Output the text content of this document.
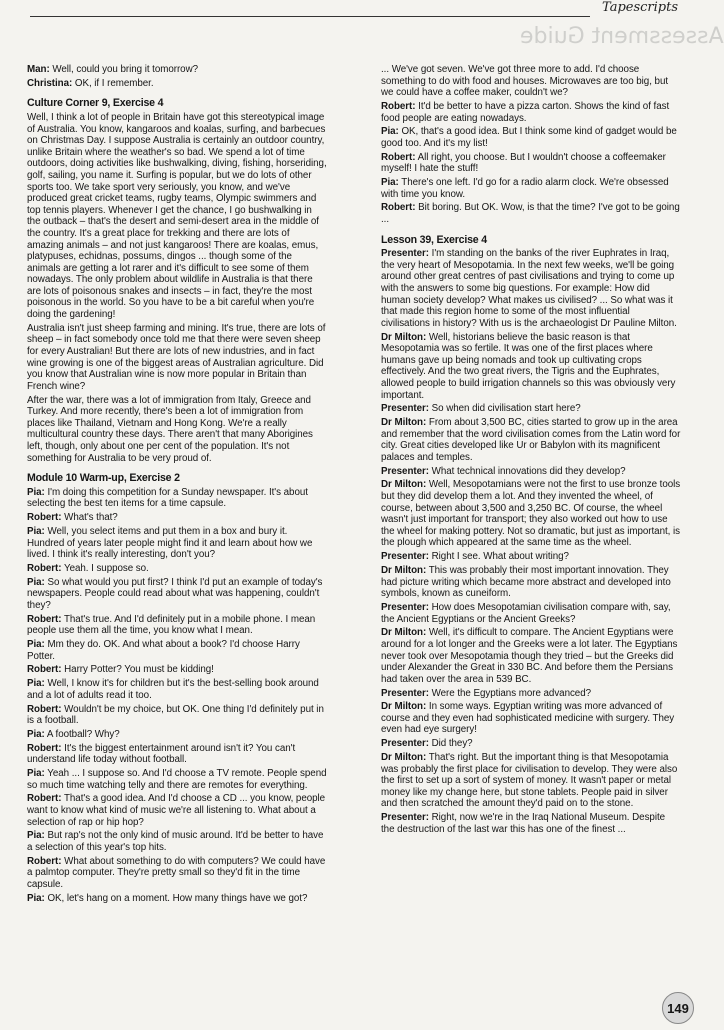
Tapescripts
Assessment Guide

Man: Well, could you bring it tomorrow?

Christina: OK, if I remember.

Culture Corner 9, Exercise 4

Well, I think a lot of people in Britain have got this stereotypical image of Australia. You know, kangaroos and koalas, surfing, and barbecues on Christmas Day. I suppose Australia is certainly an outdoor country, unlike Britain where the weather's so bad. We spend a lot of time outdoors, doing activities like bushwalking, diving, fishing, horseriding, golf, sailing, you name it. Surfing is popular, but we do lots of other sports too. We take sport very seriously, you know, and we've produced great cricket teams, rugby teams, Olympic swimmers and top tennis players. Whenever I get the chance, I go bushwalking in the outback – that's the desert and semi-desert area in the middle of the country. It's a great place for trekking and there are lots of amazing animals – and not just kangaroos! There are koalas, emus, platypuses, echidnas, possums, dingos ... though some of the animals are getting a lot rarer and it's difficult to see some of them nowadays. The only problem about wildlife in Australia is that there are lots of poisonous snakes and insects – in fact, they're the most poisonous in the world. So you have to be a bit careful when you're doing the gardening!

Australia isn't just sheep farming and mining. It's true, there are lots of sheep – in fact somebody once told me that there were seven sheep for every Australian! But there are lots of new industries, and in fact wine growing is one of the biggest areas of Australian agriculture. Did you know that Australian wine is now more popular in Britain than French wine?

After the war, there was a lot of immigration from Italy, Greece and Turkey. And more recently, there's been a lot of immigration from places like Thailand, Vietnam and Hong Kong. We're a really multicultural country these days. There aren't that many Aborigines left, though, only about one per cent of the population. It's not something for Australia to be very proud of.

Module 10 Warm-up, Exercise 2

Pia: I'm doing this competition for a Sunday newspaper. It's about selecting the best ten items for a time capsule.

Robert: What's that?

Pia: Well, you select items and put them in a box and bury it. Hundred of years later people might find it and learn about how we lived. I think it's really interesting, don't you?

Robert: Yeah. I suppose so.

Pia: So what would you put first? I think I'd put an example of today's newspapers. People could read about what was happening, couldn't they?

Robert: That's true. And I'd definitely put in a mobile phone. I mean people use them all the time, you know what I mean.

Pia: Mm they do. OK. And what about a book? I'd choose Harry Potter.

Robert: Harry Potter? You must be kidding!

Pia: Well, I know it's for children but it's the best-selling book around and a lot of adults read it too.

Robert: Wouldn't be my choice, but OK. One thing I'd definitely put in is a football.

Pia: A football? Why?

Robert: It's the biggest entertainment around isn't it? You can't understand life today without football.

Pia: Yeah ... I suppose so. And I'd choose a TV remote. People spend so much time watching telly and there are remotes for everything.

Robert: That's a good idea. And I'd choose a CD ... you know, people want to know what kind of music we're all listening to. What about a selection of rap or hip hop?

Pia: But rap's not the only kind of music around. It'd be better to have a selection of this year's top hits.

Robert: What about something to do with computers? We could have a palmtop computer. They're pretty small so they'd fit in the time capsule.

Pia: OK, let's hang on a moment. How many things have we got?

... We've got seven. We've got three more to add. I'd choose something to do with food and houses. Microwaves are too big, but we could have a coffee maker, couldn't we?

Robert: It'd be better to have a pizza carton. Shows the kind of fast food people are eating nowadays.

Pia: OK, that's a good idea. But I think some kind of gadget would be good too. And it's my list!

Robert: All right, you choose. But I wouldn't choose a coffeemaker myself! I hate the stuff!

Pia: There's one left. I'd go for a radio alarm clock. We're obsessed with time you know.

Robert: Bit boring. But OK. Wow, is that the time? I've got to be going ...

Lesson 39, Exercise 4

Presenter: I'm standing on the banks of the river Euphrates in Iraq, the very heart of Mesopotamia. In the next few weeks, we'll be going around other great centres of past civilisations and trying to come up with the answers to some big questions. For example: How did human society develop? What makes us civilised? ... So what was it that made this region home to some of the most influential civilisations in history? With us is the archaeologist Dr Pauline Milton.

Dr Milton: Well, historians believe the basic reason is that Mesopotamia was so fertile. It was one of the first places where humans gave up being nomads and took up cultivating crops effectively. And the two great rivers, the Tigris and the Euphrates, allowed people to build irrigation channels so this was obviously very important.

Presenter: So when did civilisation start here?

Dr Milton: From about 3,500 BC, cities started to grow up in the area and remember that the word civilisation comes from the Latin word for city. Great cities developed like Ur or Babylon with its magnificent palaces and temples.

Presenter: What technical innovations did they develop?

Dr Milton: Well, Mesopotamians were not the first to use bronze tools but they did develop them a lot. And they invented the wheel, of course, between about 3,500 and 3,250 BC. Of course, the wheel wasn't just important for transport; they also worked out how to use the wheel for making pottery. Not so dramatic, but just as important, is the plough which appeared at the same time as the wheel.

Presenter: Right I see. What about writing?

Dr Milton: This was probably their most important innovation. They had picture writing which became more abstract and developed into symbols, known as cuneiform.

Presenter: How does Mesopotamian civilisation compare with, say, the Ancient Egyptians or the Ancient Greeks?

Dr Milton: Well, it's difficult to compare. The Ancient Egyptians were around for a lot longer and the Greeks were a lot later. The Egyptians never took over Mesopotamia though they tried – but the Greeks did under Alexander the Great in 330 BC. And before them the Persians had taken over the area in 539 BC.

Presenter: Were the Egyptians more advanced?

Dr Milton: In some ways. Egyptian writing was more advanced of course and they even had sophisticated medicine with surgery. They even had eye surgery!

Presenter: Did they?

Dr Milton: That's right. But the important thing is that Mesopotamia was probably the first place for civilisation to develop. They were also the first to set up a sort of system of money. It wasn't paper or metal money like my change here, but stone tablets. People paid in silver and then scratched the amount they'd paid on to the stone.

Presenter: Right, now we're in the Iraq National Museum. Despite the destruction of the last war this has one of the finest ...

149
